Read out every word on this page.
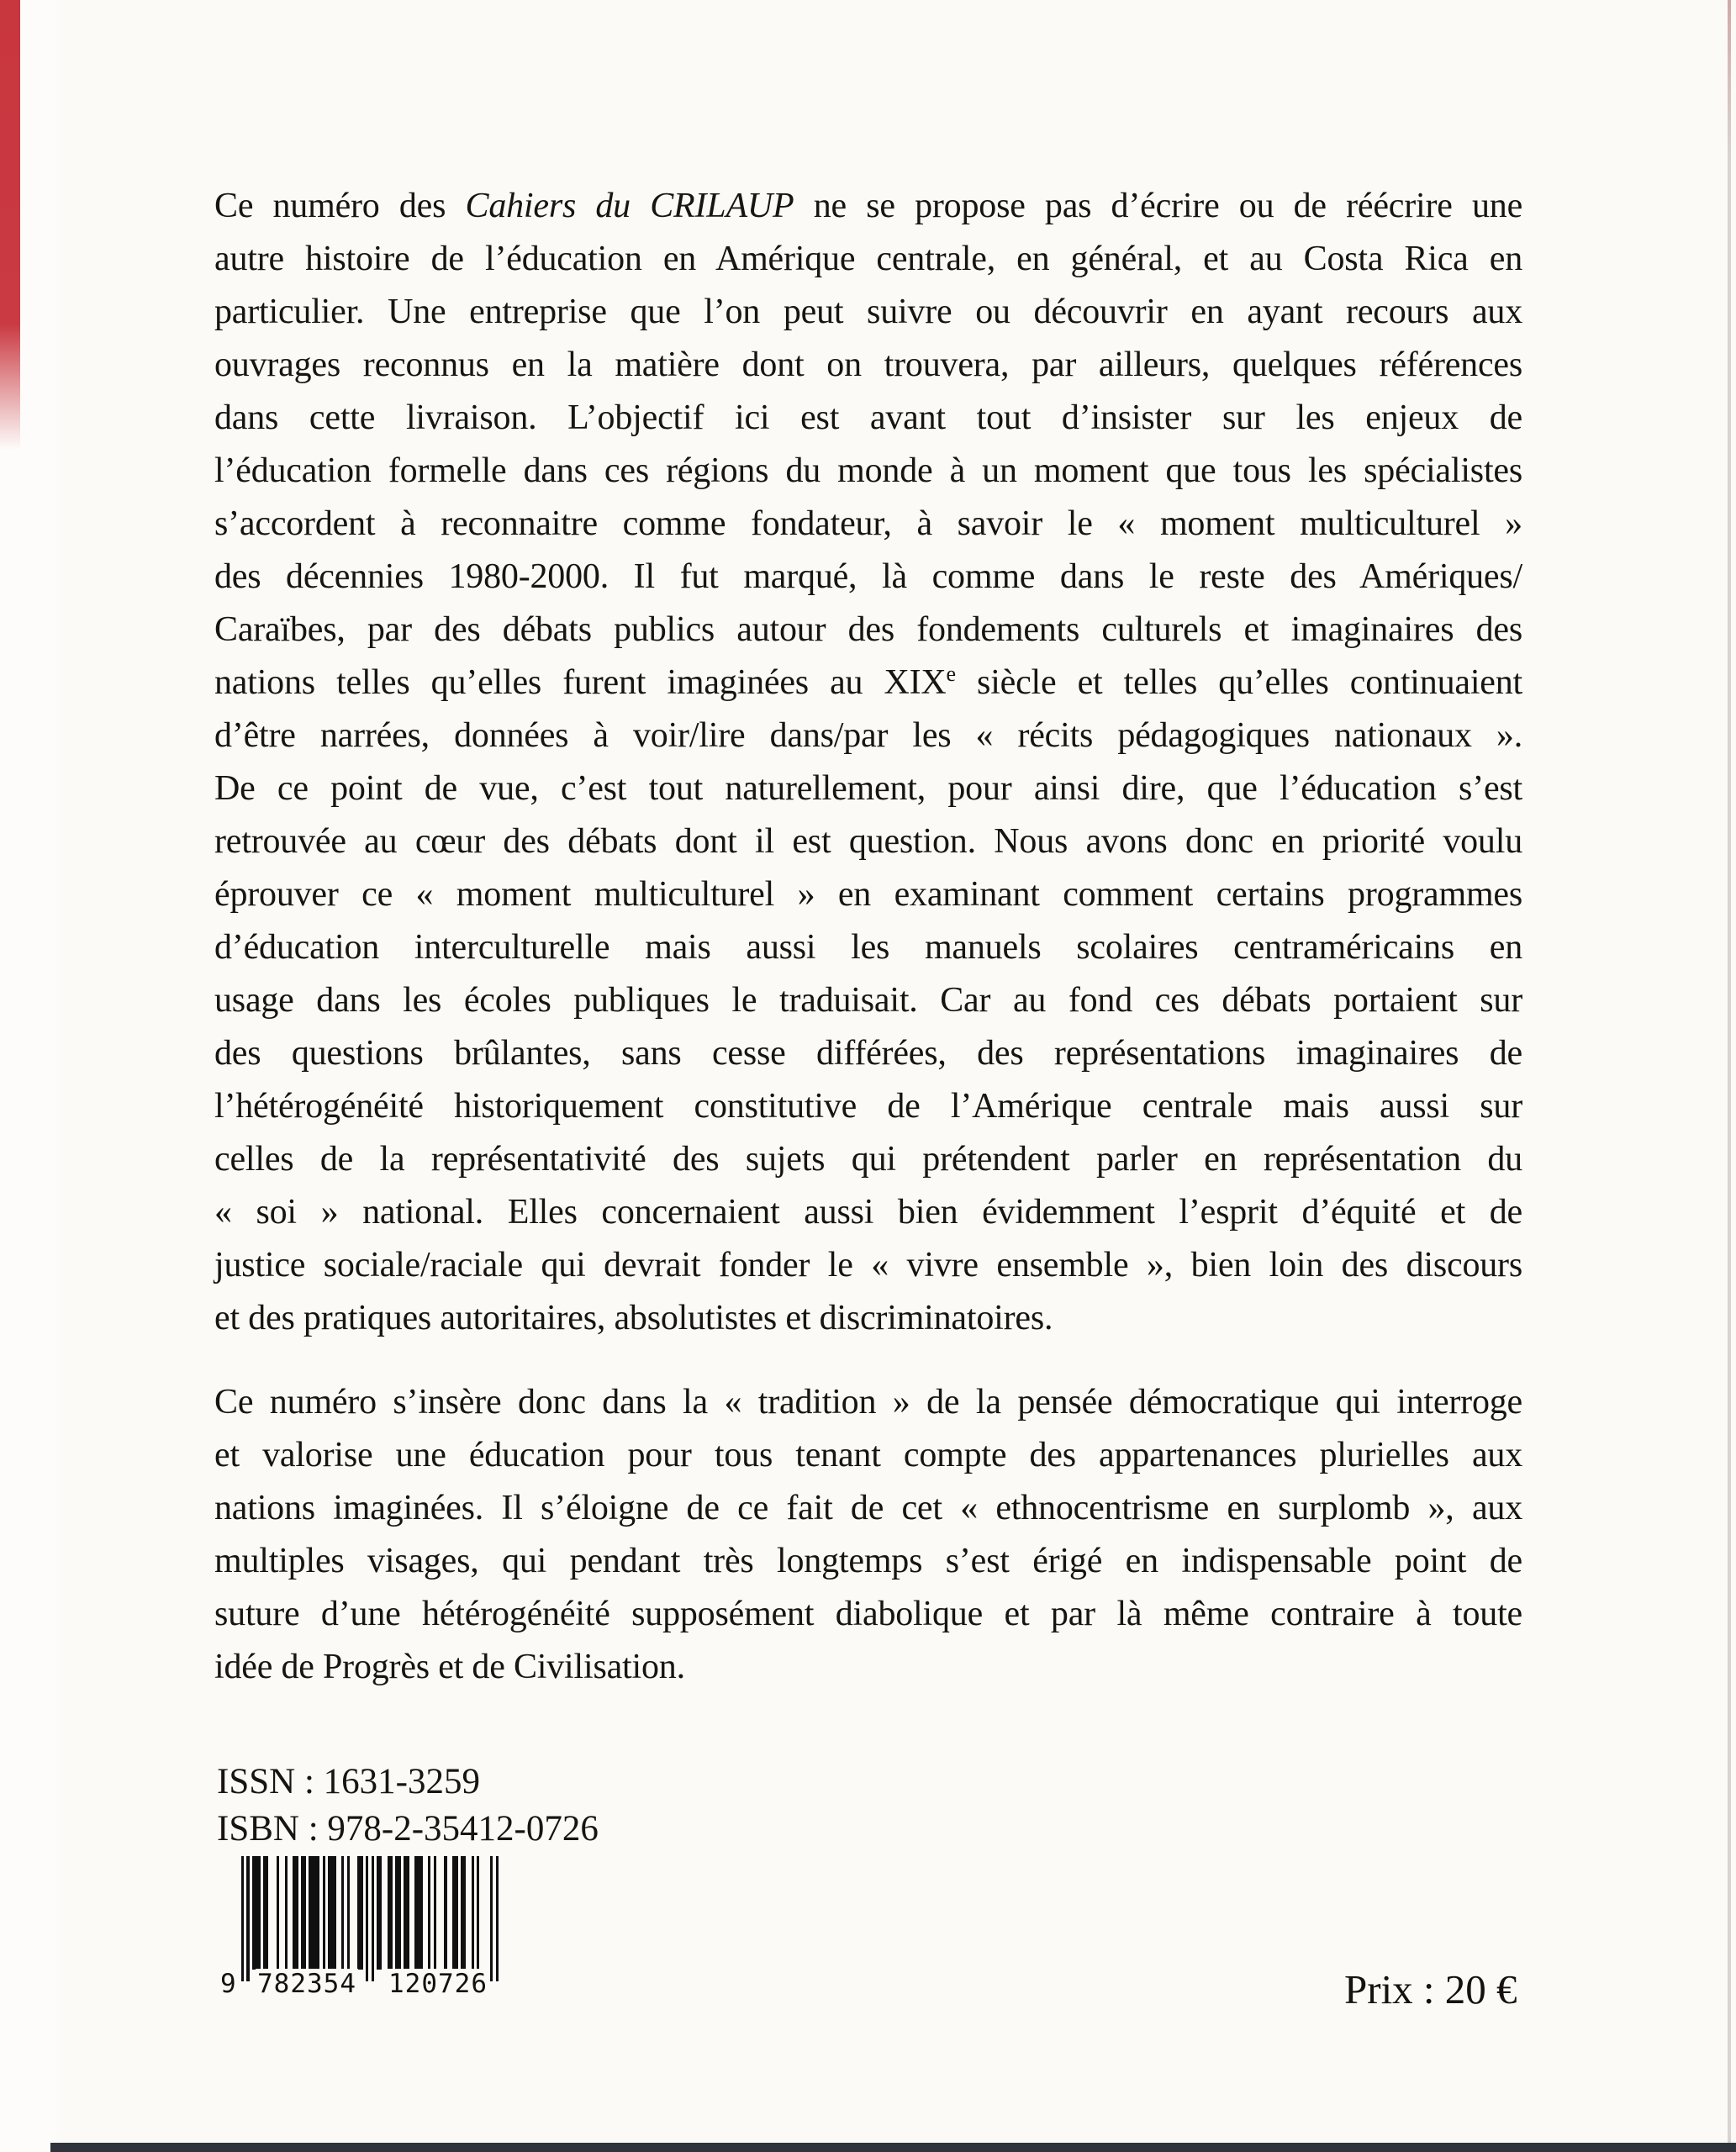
Ce numéro des Cahiers du CRILAUP ne se propose pas d’écrire ou de réécrire une
autre histoire de l’éducation en Amérique centrale, en général, et au Costa Rica en
particulier. Une entreprise que l’on peut suivre ou découvrir en ayant recours aux
ouvrages reconnus en la matière dont on trouvera, par ailleurs, quelques références
dans cette livraison. L’objectif ici est avant tout d’insister sur les enjeux de
l’éducation formelle dans ces régions du monde à un moment que tous les spécialistes
s’accordent à reconnaitre comme fondateur, à savoir le « moment multiculturel »
des décennies 1980-2000. Il fut marqué, là comme dans le reste des Amériques/
Caraïbes, par des débats publics autour des fondements culturels et imaginaires des
nations telles qu’elles furent imaginées au XIXe siècle et telles qu’elles continuaient
d’être narrées, données à voir/lire dans/par les « récits pédagogiques nationaux ».
De ce point de vue, c’est tout naturellement, pour ainsi dire, que l’éducation s’est
retrouvée au cœur des débats dont il est question. Nous avons donc en priorité voulu
éprouver ce « moment multiculturel » en examinant comment certains programmes
d’éducation interculturelle mais aussi les manuels scolaires centraméricains en
usage dans les écoles publiques le traduisait. Car au fond ces débats portaient sur
des questions brûlantes, sans cesse différées, des représentations imaginaires de
l’hétérogénéité historiquement constitutive de l’Amérique centrale mais aussi sur
celles de la représentativité des sujets qui prétendent parler en représentation du
« soi » national. Elles concernaient aussi bien évidemment l’esprit d’équité et de
justice sociale/raciale qui devrait fonder le « vivre ensemble », bien loin des discours
et des pratiques autoritaires, absolutistes et discriminatoires.
Ce numéro s’insère donc dans la « tradition » de la pensée démocratique qui interroge
et valorise une éducation pour tous tenant compte des appartenances plurielles aux
nations imaginées. Il s’éloigne de ce fait de cet « ethnocentrisme en surplomb », aux
multiples visages, qui pendant très longtemps s’est érigé en indispensable point de
suture d’une hétérogénéité supposément diabolique et par là même contraire à toute
idée de Progrès et de Civilisation.
ISSN : 1631-3259
ISBN : 978-2-35412-0726
9 782354 120726	Prix : 20 €
